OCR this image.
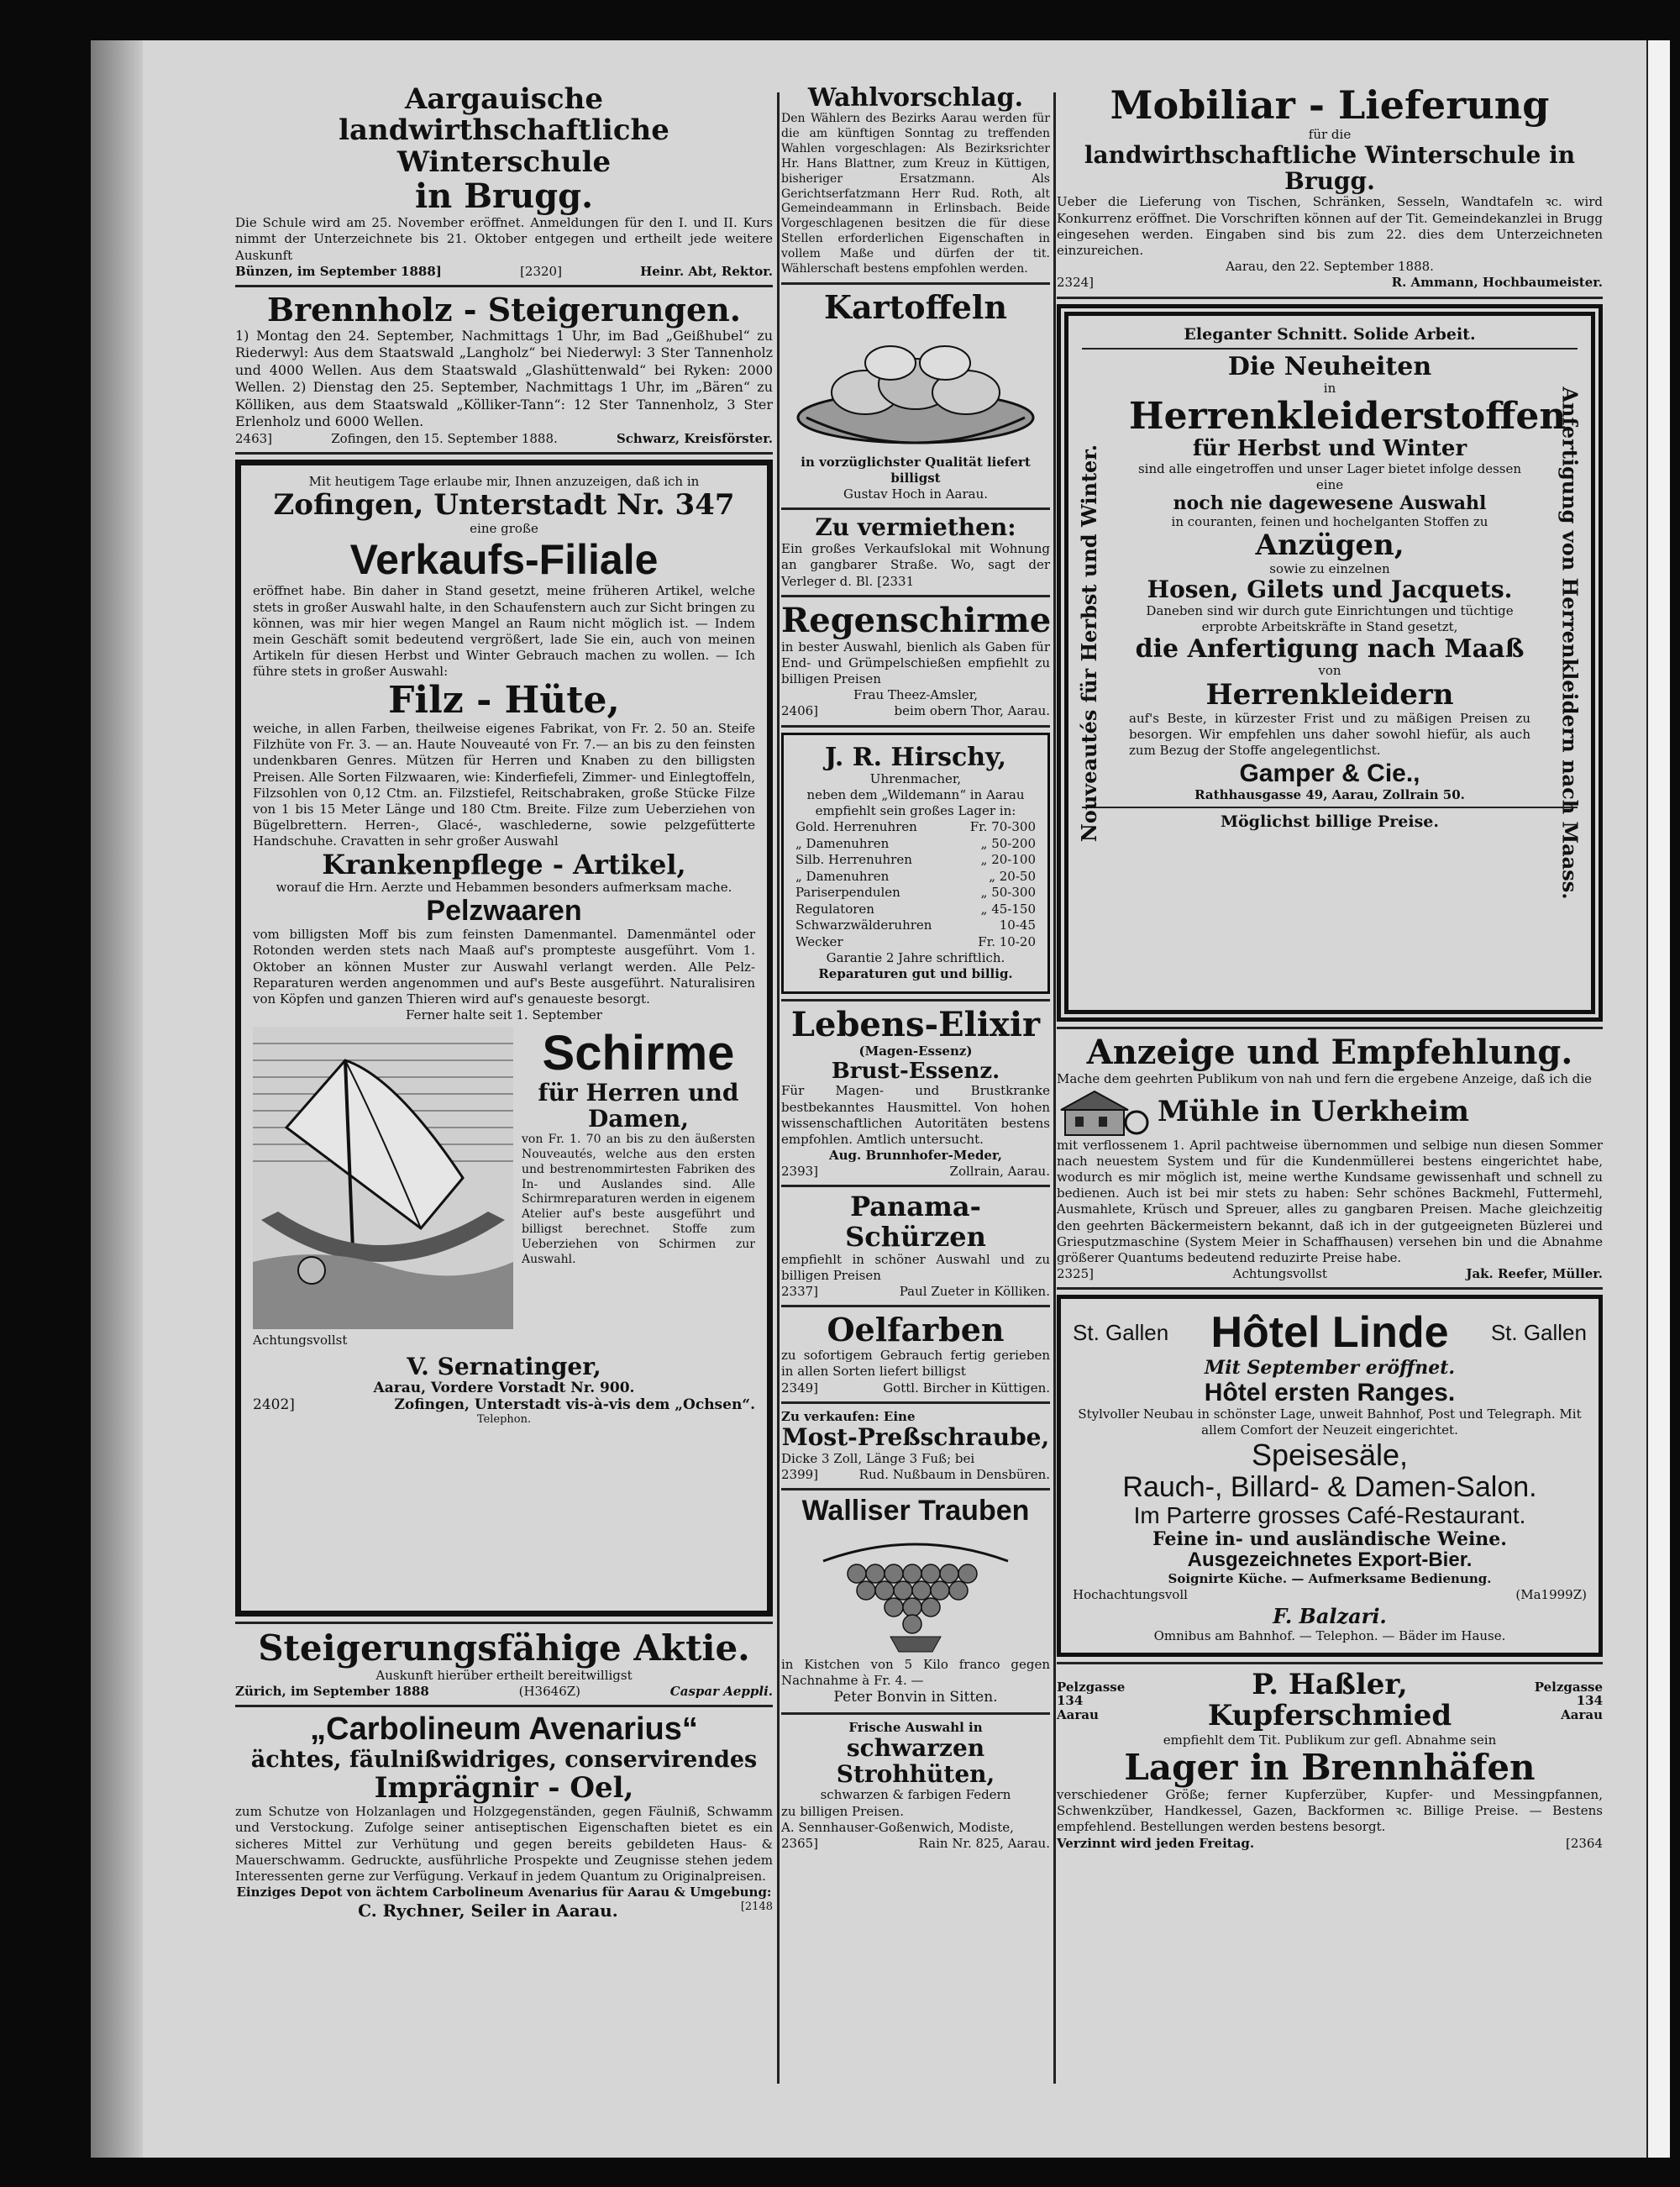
Aargauische landwirthschaftliche Winterschule
in Brugg.
Die Schule wird am 25. November eröffnet. Anmeldungen für den I. und II. Kurs nimmt der Unterzeichnete bis 21. Oktober entgegen und ertheilt jede weitere Auskunft
Bünzen, im September 1888]	[2320]	Heinr. Abt, Rektor.
Brennholz - Steigerungen.
1) Montag den 24. September, Nachmittags 1 Uhr, im Bad „Geißhubel“ zu Riederwyl: Aus dem Staatswald „Langholz“ bei Niederwyl: 3 Ster Tannenholz und 4000 Wellen. Aus dem Staatswald „Glashüttenwald“ bei Ryken: 2000 Wellen. 2) Dienstag den 25. September, Nachmittags 1 Uhr, im „Bären“ zu Kölliken, aus dem Staatswald „Kölliker-Tann“: 12 Ster Tannenholz, 3 Ster Erlenholz und 6000 Wellen.
2463]	Zofingen, den 15. September 1888.	Schwarz, Kreisförster.
Mit heutigem Tage erlaube mir, Ihnen anzuzeigen, daß ich in
Zofingen, Unterstadt Nr. 347
eine große
Verkaufs-Filiale
eröffnet habe. Bin daher in Stand gesetzt, meine früheren Artikel, welche stets in großer Auswahl halte, in den Schaufenstern auch zur Sicht bringen zu können, was mir hier wegen Mangel an Raum nicht möglich ist. — Indem mein Geschäft somit bedeutend vergrößert, lade Sie ein, auch von meinen Artikeln für diesen Herbst und Winter Gebrauch machen zu wollen. — Ich führe stets in großer Auswahl:
Filz - Hüte,
weiche, in allen Farben, theilweise eigenes Fabrikat, von Fr. 2. 50 an. Steife Filzhüte von Fr. 3. — an. Haute Nouveauté von Fr. 7.— an bis zu den feinsten undenkbaren Genres. Mützen für Herren und Knaben zu den billigsten Preisen. Alle Sorten Filzwaaren, wie: Kinderfiefeli, Zimmer- und Einlegtoffeln, Filzsohlen von 0,12 Ctm. an. Filzstiefel, Reitschabraken, große Stücke Filze von 1 bis 15 Meter Länge und 180 Ctm. Breite. Filze zum Ueberziehen von Bügelbrettern. Herren-, Glacé-, waschlederne, sowie pelzgefütterte Handschuhe. Cravatten in sehr großer Auswahl
Krankenpflege - Artikel,
worauf die Hrn. Aerzte und Hebammen besonders aufmerksam mache.
Pelzwaaren
vom billigsten Moff bis zum feinsten Damenmantel. Damenmäntel oder Rotonden werden stets nach Maaß auf's prompteste ausgeführt. Vom 1. Oktober an können Muster zur Auswahl verlangt werden. Alle Pelz-Reparaturen werden angenommen und auf's Beste ausgeführt. Naturalisiren von Köpfen und ganzen Thieren wird auf's genaueste besorgt.
Ferner halte seit 1. September
Achtungsvollst
Schirme
für Herren und Damen,
von Fr. 1. 70 an bis zu den äußersten Nouveautés, welche aus den ersten und bestrenommirtesten Fabriken des In- und Auslandes sind. Alle Schirmreparaturen werden in eigenem Atelier auf's beste ausgeführt und billigst berechnet. Stoffe zum Ueberziehen von Schirmen zur Auswahl.
V. Sernatinger,
Aarau, Vordere Vorstadt Nr. 900.
2402]	Zofingen, Unterstadt vis-à-vis dem „Ochsen“.
Telephon.
Steigerungsfähige Aktie.
Auskunft hierüber ertheilt bereitwilligst
Zürich, im September 1888	(H3646Z)	Caspar Aeppli.
„Carbolineum Avenarius“
ächtes, fäulnißwidriges, conservirendes
Imprägnir - Oel,
zum Schutze von Holzanlagen und Holzgegenständen, gegen Fäulniß, Schwamm und Verstockung. Zufolge seiner antiseptischen Eigenschaften bietet es ein sicheres Mittel zur Verhütung und gegen bereits gebildeten Haus- & Mauerschwamm. Gedruckte, ausführliche Prospekte und Zeugnisse stehen jedem Interessenten gerne zur Verfügung. Verkauf in jedem Quantum zu Originalpreisen.
Einziges Depot von ächtem Carbolineum Avenarius für Aarau & Umgebung:
C. Rychner, Seiler in Aarau.	[2148
Wahlvorschlag.
Den Wählern des Bezirks Aarau werden für die am künftigen Sonntag zu treffenden Wahlen vorgeschlagen: Als Bezirksrichter Hr. Hans Blattner, zum Kreuz in Küttigen, bisheriger Ersatzmann. Als Gerichtserfatzmann Herr Rud. Roth, alt Gemeindeammann in Erlinsbach. Beide Vorgeschlagenen besitzen die für diese Stellen erforderlichen Eigenschaften in vollem Maße und dürfen der tit. Wählerschaft bestens empfohlen werden.
Kartoffeln
in vorzüglichster Qualität liefert billigst
Gustav Hoch in Aarau.
Zu vermiethen:
Ein großes Verkaufslokal mit Wohnung an gangbarer Straße. Wo, sagt der Verleger d. Bl. [2331
Regenschirme
in bester Auswahl, bienlich als Gaben für End- und Grümpelschießen empfiehlt zu billigen Preisen
Frau Theez-Amsler,
2406]	beim obern Thor, Aarau.
J. R. Hirschy,
Uhrenmacher,
neben dem „Wildemann“ in Aarau
empfiehlt sein großes Lager in:
Gold. Herrenuhren	Fr. 70-300
„ Damenuhren	„ 50-200
Silb. Herrenuhren	„ 20-100
„ Damenuhren	„ 20-50
Pariserpendulen	„ 50-300
Regulatoren	„ 45-150
Schwarzwälderuhren	10-45
Wecker	Fr. 10-20
Garantie 2 Jahre schriftlich.
Reparaturen gut und billig.
Lebens-Elixir
(Magen-Essenz)
Brust-Essenz.
Für Magen- und Brustkranke bestbekanntes Hausmittel. Von hohen wissenschaftlichen Autoritäten bestens empfohlen. Amtlich untersucht.
Aug. Brunnhofer-Meder,
2393]	Zollrain, Aarau.
Panama-Schürzen
empfiehlt in schöner Auswahl und zu billigen Preisen
2337]	Paul Zueter in Kölliken.
Oelfarben
zu sofortigem Gebrauch fertig gerieben in allen Sorten liefert billigst
2349]	Gottl. Bircher in Küttigen.
Zu verkaufen: Eine
Most-Preßschraube,
Dicke 3 Zoll, Länge 3 Fuß; bei
2399]	Rud. Nußbaum in Densbüren.
Walliser Trauben
in Kistchen von 5 Kilo franco gegen Nachnahme à Fr. 4. —
Peter Bonvin in Sitten.
Frische Auswahl in
schwarzen Strohhüten,
schwarzen & farbigen Federn
zu billigen Preisen.
A. Sennhauser-Goßenwich, Modiste,
2365]	Rain Nr. 825, Aarau.
Mobiliar - Lieferung
für die
landwirthschaftliche Winterschule in Brugg.
Ueber die Lieferung von Tischen, Schränken, Sesseln, Wandtafeln ꝛc. wird Konkurrenz eröffnet. Die Vorschriften können auf der Tit. Gemeindekanzlei in Brugg eingesehen werden. Eingaben sind bis zum 22. dies dem Unterzeichneten einzureichen.
Aarau, den 22. September 1888.
2324]	R. Ammann, Hochbaumeister.
Eleganter Schnitt. Solide Arbeit.
Nouveautés für Herbst und Winter.	Anfertigung von Herrenkleidern nach Maass.
Die Neuheiten
in
Herrenkleiderstoffen
für Herbst und Winter
sind alle eingetroffen und unser Lager bietet infolge dessen eine
noch nie dagewesene Auswahl
in couranten, feinen und hochelganten Stoffen zu
Anzügen,
sowie zu einzelnen
Hosen, Gilets und Jacquets.
Daneben sind wir durch gute Einrichtungen und tüchtige erprobte Arbeitskräfte in Stand gesetzt,
die Anfertigung nach Maaß
von
Herrenkleidern
auf's Beste, in kürzester Frist und zu mäßigen Preisen zu besorgen. Wir empfehlen uns daher sowohl hiefür, als auch zum Bezug der Stoffe angelegentlichst.
Gamper & Cie.,
Rathhausgasse 49, Aarau, Zollrain 50.
Möglichst billige Preise.
Anzeige und Empfehlung.
Mache dem geehrten Publikum von nah und fern die ergebene Anzeige, daß ich die
Mühle in Uerkheim
mit verflossenem 1. April pachtweise übernommen und selbige nun diesen Sommer nach neuestem System und für die Kundenmüllerei bestens eingerichtet habe, wodurch es mir möglich ist, meine werthe Kundsame gewissenhaft und schnell zu bedienen. Auch ist bei mir stets zu haben: Sehr schönes Backmehl, Futtermehl, Ausmahlete, Krüsch und Spreuer, alles zu gangbaren Preisen. Mache gleichzeitig den geehrten Bäckermeistern bekannt, daß ich in der gutgeeigneten Büzlerei und Griesputzmaschine (System Meier in Schaffhausen) versehen bin und die Abnahme größerer Quantums bedeutend reduzirte Preise habe.
2325]	Achtungsvollst	Jak. Reefer, Müller.
St. Gallen Hôtel Linde St. Gallen
Mit September eröffnet.
Hôtel ersten Ranges.
Stylvoller Neubau in schönster Lage, unweit Bahnhof, Post und Telegraph. Mit allem Comfort der Neuzeit eingerichtet.
Speisesäle,
Rauch-, Billard- & Damen-Salon.
Im Parterre grosses Café-Restaurant.
Feine in- und ausländische Weine.
Ausgezeichnetes Export-Bier.
Soignirte Küche. — Aufmerksame Bedienung.
Hochachtungsvoll	(Ma1999Z)
F. Balzari.
Omnibus am Bahnhof. — Telephon. — Bäder im Hause.
Pelzgasse 134
Aarau
P. Haßler, Kupferschmied
Pelzgasse 134
Aarau
empfiehlt dem Tit. Publikum zur gefl. Abnahme sein
Lager in Brennhäfen
verschiedener Größe; ferner Kupferzüber, Kupfer- und Messingpfannen, Schwenkzüber, Handkessel, Gazen, Backformen ꝛc. Billige Preise. — Bestens empfehlend. Bestellungen werden bestens besorgt.
Verzinnt wird jeden Freitag.	[2364
